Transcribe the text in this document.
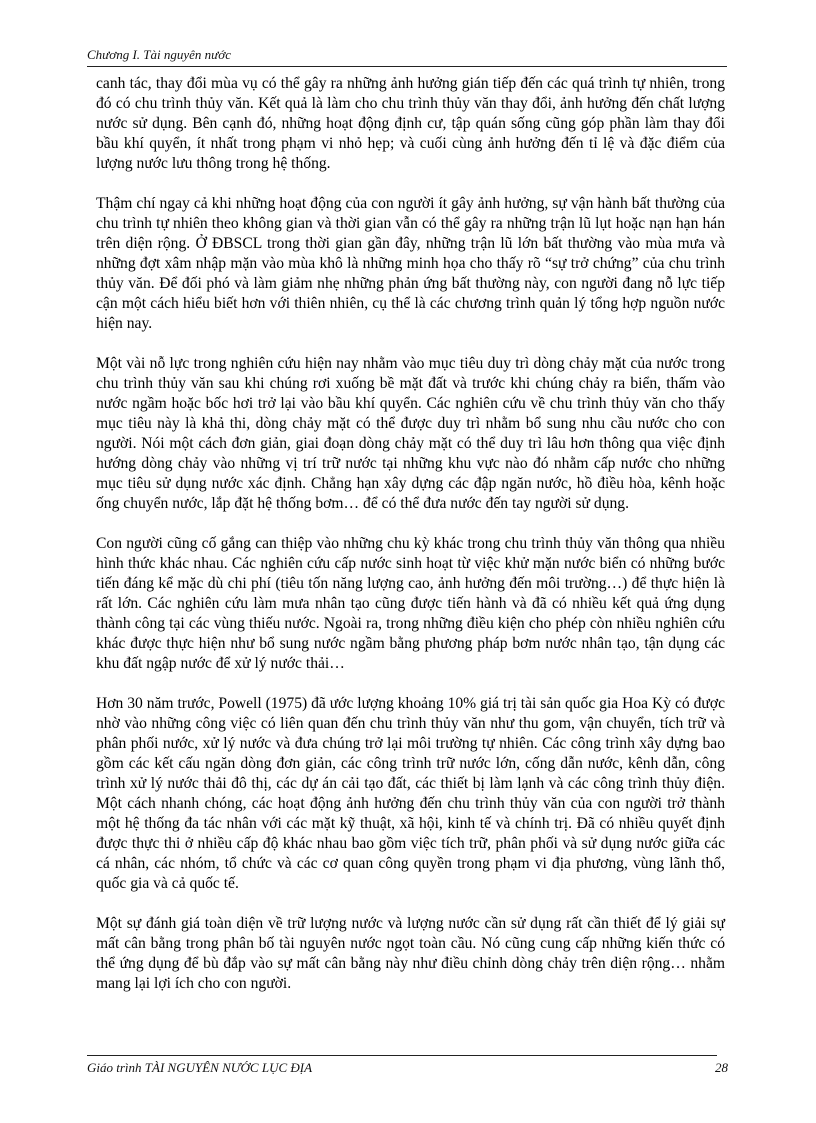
Chương I. Tài nguyên nước

canh tác, thay đổi mùa vụ có thể gây ra những ảnh hưởng gián tiếp đến các quá trình tự nhiên, trong đó có chu trình thủy văn. Kết quả là làm cho chu trình thủy văn thay đổi, ảnh hưởng đến chất lượng nước sử dụng. Bên cạnh đó, những hoạt động định cư, tập quán sống cũng góp phần làm thay đổi bầu khí quyển, ít nhất trong phạm vi nhỏ hẹp; và cuối cùng ảnh hưởng đến tỉ lệ và đặc điểm của lượng nước lưu thông trong hệ thống.

Thậm chí ngay cả khi những hoạt động của con người ít gây ảnh hưởng, sự vận hành bất thường của chu trình tự nhiên theo không gian và thời gian vẫn có thể gây ra những trận lũ lụt hoặc nạn hạn hán trên diện rộng. Ở ĐBSCL trong thời gian gần đây, những trận lũ lớn bất thường vào mùa mưa và những đợt xâm nhập mặn vào mùa khô là những minh họa cho thấy rõ “sự trở chứng” của chu trình thủy văn. Để đối phó và làm giảm nhẹ những phản ứng bất thường này, con người đang nỗ lực tiếp cận một cách hiểu biết hơn với thiên nhiên, cụ thể là các chương trình quản lý tổng hợp nguồn nước hiện nay.

Một vài nỗ lực trong nghiên cứu hiện nay nhằm vào mục tiêu duy trì dòng chảy mặt của nước trong chu trình thủy văn sau khi chúng rơi xuống bề mặt đất và trước khi chúng chảy ra biển, thấm vào nước ngầm hoặc bốc hơi trở lại vào bầu khí quyển. Các nghiên cứu về chu trình thủy văn cho thấy mục tiêu này là khả thi, dòng chảy mặt có thể được duy trì nhằm bổ sung nhu cầu nước cho con người. Nói một cách đơn giản, giai đoạn dòng chảy mặt có thể duy trì lâu hơn thông qua việc định hướng dòng chảy vào những vị trí trữ nước tại những khu vực nào đó nhằm cấp nước cho những mục tiêu sử dụng nước xác định. Chẳng hạn xây dựng các đập ngăn nước, hồ điều hòa, kênh hoặc ống chuyển nước, lắp đặt hệ thống bơm… để có thể đưa nước đến tay người sử dụng.

Con người cũng cố gắng can thiệp vào những chu kỳ khác trong chu trình thủy văn thông qua nhiều hình thức khác nhau. Các nghiên cứu cấp nước sinh hoạt từ việc khử mặn nước biển có những bước tiến đáng kể mặc dù chi phí (tiêu tốn năng lượng cao, ảnh hưởng đến môi trường…) để thực hiện là rất lớn. Các nghiên cứu làm mưa nhân tạo cũng được tiến hành và đã có nhiều kết quả ứng dụng thành công tại các vùng thiếu nước. Ngoài ra, trong những điều kiện cho phép còn nhiều nghiên cứu khác được thực hiện như bổ sung nước ngầm bằng phương pháp bơm nước nhân tạo, tận dụng các khu đất ngập nước để xử lý nước thải…

Hơn 30 năm trước, Powell (1975) đã ước lượng khoảng 10% giá trị tài sản quốc gia Hoa Kỳ có được nhờ vào những công việc có liên quan đến chu trình thủy văn như thu gom, vận chuyển, tích trữ và phân phối nước, xử lý nước và đưa chúng trở lại môi trường tự nhiên. Các công trình xây dựng bao gồm các kết cấu ngăn dòng đơn giản, các công trình trữ nước lớn, cống dẫn nước, kênh dẫn, công trình xử lý nước thải đô thị, các dự án cải tạo đất, các thiết bị làm lạnh và các công trình thủy điện. Một cách nhanh chóng, các hoạt động ảnh hưởng đến chu trình thủy văn của con người trở thành một hệ thống đa tác nhân với các mặt kỹ thuật, xã hội, kinh tế và chính trị. Đã có nhiều quyết định được thực thi ở nhiều cấp độ khác nhau bao gồm việc tích trữ, phân phối và sử dụng nước giữa các cá nhân, các nhóm, tổ chức và các cơ quan công quyền trong phạm vi địa phương, vùng lãnh thổ, quốc gia và cả quốc tế.

Một sự đánh giá toàn diện về trữ lượng nước và lượng nước cần sử dụng rất cần thiết để lý giải sự mất cân bằng trong phân bố tài nguyên nước ngọt toàn cầu. Nó cũng cung cấp những kiến thức có thể ứng dụng để bù đắp vào sự mất cân bằng này như điều chỉnh dòng chảy trên diện rộng… nhằm mang lại lợi ích cho con người.

Giáo trình TÀI NGUYÊN NƯỚC LỤC ĐỊA	28
